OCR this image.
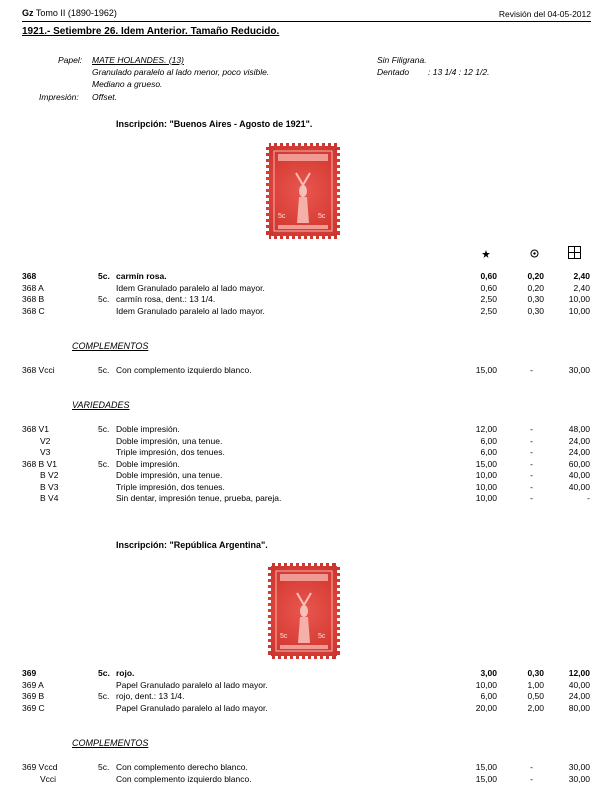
Gz Tomo II (1890-1962)	Revisión del 04-05-2012
1921.- Setiembre 26. Idem Anterior. Tamaño Reducido.
Papel: MATE HOLANDES. (13)
Granulado paralelo al lado menor, poco visible.
Mediano a grueso.
Impresión: Offset.
Sin Filigrana.
Dentado : 13 1/4 : 12 1/2.
Inscripción: "Buenos Aires - Agosto de 1921".
5c	5c
368	5c. carmín rosa.	0,60	0,20	2,40
368 A	Idem Granulado paralelo al lado mayor.	0,60	0,20	2,40
368 B	5c. carmín rosa, dent.: 13 1/4.	2,50	0,30	10,00
368 C	Idem Granulado paralelo al lado mayor.	2,50	0,30	10,00
COMPLEMENTOS
368 Vcci	5c. Con complemento izquierdo blanco.	15,00	-	30,00
VARIEDADES
368 V1	5c. Doble impresión.	12,00	-	48,00
V2	Doble impresión, una tenue.	6,00	-	24,00
V3	Triple impresión, dos tenues.	6,00	-	24,00
368 B V1	5c. Doble impresión.	15,00	-	60,00
B V2	Doble impresión, una tenue.	10,00	-	40,00
B V3	Triple impresión, dos tenues.	10,00	-	40,00
B V4	Sin dentar, impresión tenue, prueba, pareja.	10,00	-	-
Inscripción: "República Argentina".
5c	5c
369	5c. rojo.	3,00	0,30	12,00
369 A	Papel Granulado paralelo al lado mayor.	10,00	1,00	40,00
369 B	5c. rojo, dent.: 13 1/4.	6,00	0,50	24,00
369 C	Papel Granulado paralelo al lado mayor.	20,00	2,00	80,00
COMPLEMENTOS
369 Vccd	5c. Con complemento derecho blanco.	15,00	-	30,00
Vcci	Con complemento izquierdo blanco.	15,00	-	30,00
